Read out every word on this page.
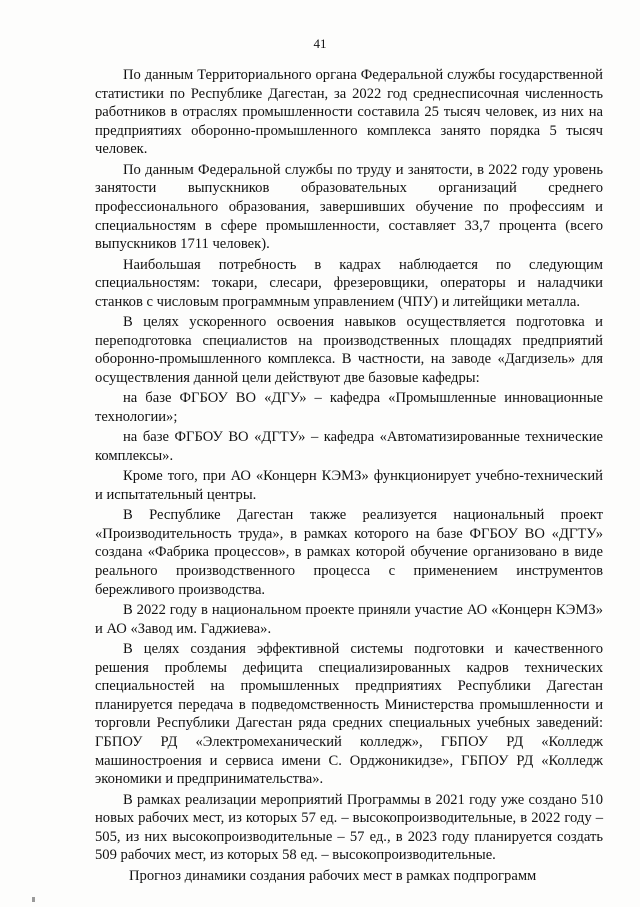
41

По данным Территориального органа Федеральной службы государственной статистики по Республике Дагестан, за 2022 год среднесписочная численность работников в отраслях промышленности составила 25 тысяч человек, из них на предприятиях оборонно-промышленного комплекса занято порядка 5 тысяч человек.

По данным Федеральной службы по труду и занятости, в 2022 году уровень занятости выпускников образовательных организаций среднего профессионального образования, завершивших обучение по профессиям и специальностям в сфере промышленности, составляет 33,7 процента (всего выпускников 1711 человек).

Наибольшая потребность в кадрах наблюдается по следующим специальностям: токари, слесари, фрезеровщики, операторы и наладчики станков с числовым программным управлением (ЧПУ) и литейщики металла.

В целях ускоренного освоения навыков осуществляется подготовка и переподготовка специалистов на производственных площадях предприятий оборонно-промышленного комплекса. В частности, на заводе «Дагдизель» для осуществления данной цели действуют две базовые кафедры:

на базе ФГБОУ ВО «ДГУ» – кафедра «Промышленные инновационные технологии»;

на базе ФГБОУ ВО «ДГТУ» – кафедра «Автоматизированные технические комплексы».

Кроме того, при АО «Концерн КЭМЗ» функционирует учебно-технический и испытательный центры.

В Республике Дагестан также реализуется национальный проект «Производительность труда», в рамках которого на базе ФГБОУ ВО «ДГТУ» создана «Фабрика процессов», в рамках которой обучение организовано в виде реального производственного процесса с применением инструментов бережливого производства.

В 2022 году в национальном проекте приняли участие АО «Концерн КЭМЗ» и АО «Завод им. Гаджиева».

В целях создания эффективной системы подготовки и качественного решения проблемы дефицита специализированных кадров технических специальностей на промышленных предприятиях Республики Дагестан планируется передача в подведомственность Министерства промышленности и торговли Республики Дагестан ряда средних специальных учебных заведений: ГБПОУ РД «Электромеханический колледж», ГБПОУ РД «Колледж машиностроения и сервиса имени С. Орджоникидзе», ГБПОУ РД «Колледж экономики и предпринимательства».

В рамках реализации мероприятий Программы в 2021 году уже создано 510 новых рабочих мест, из которых 57 ед. – высокопроизводительные, в 2022 году – 505, из них высокопроизводительные – 57 ед., в 2023 году планируется создать 509 рабочих мест, из которых 58 ед. – высокопроизводительные.

Прогноз динамики создания рабочих мест в рамках подпрограмм
